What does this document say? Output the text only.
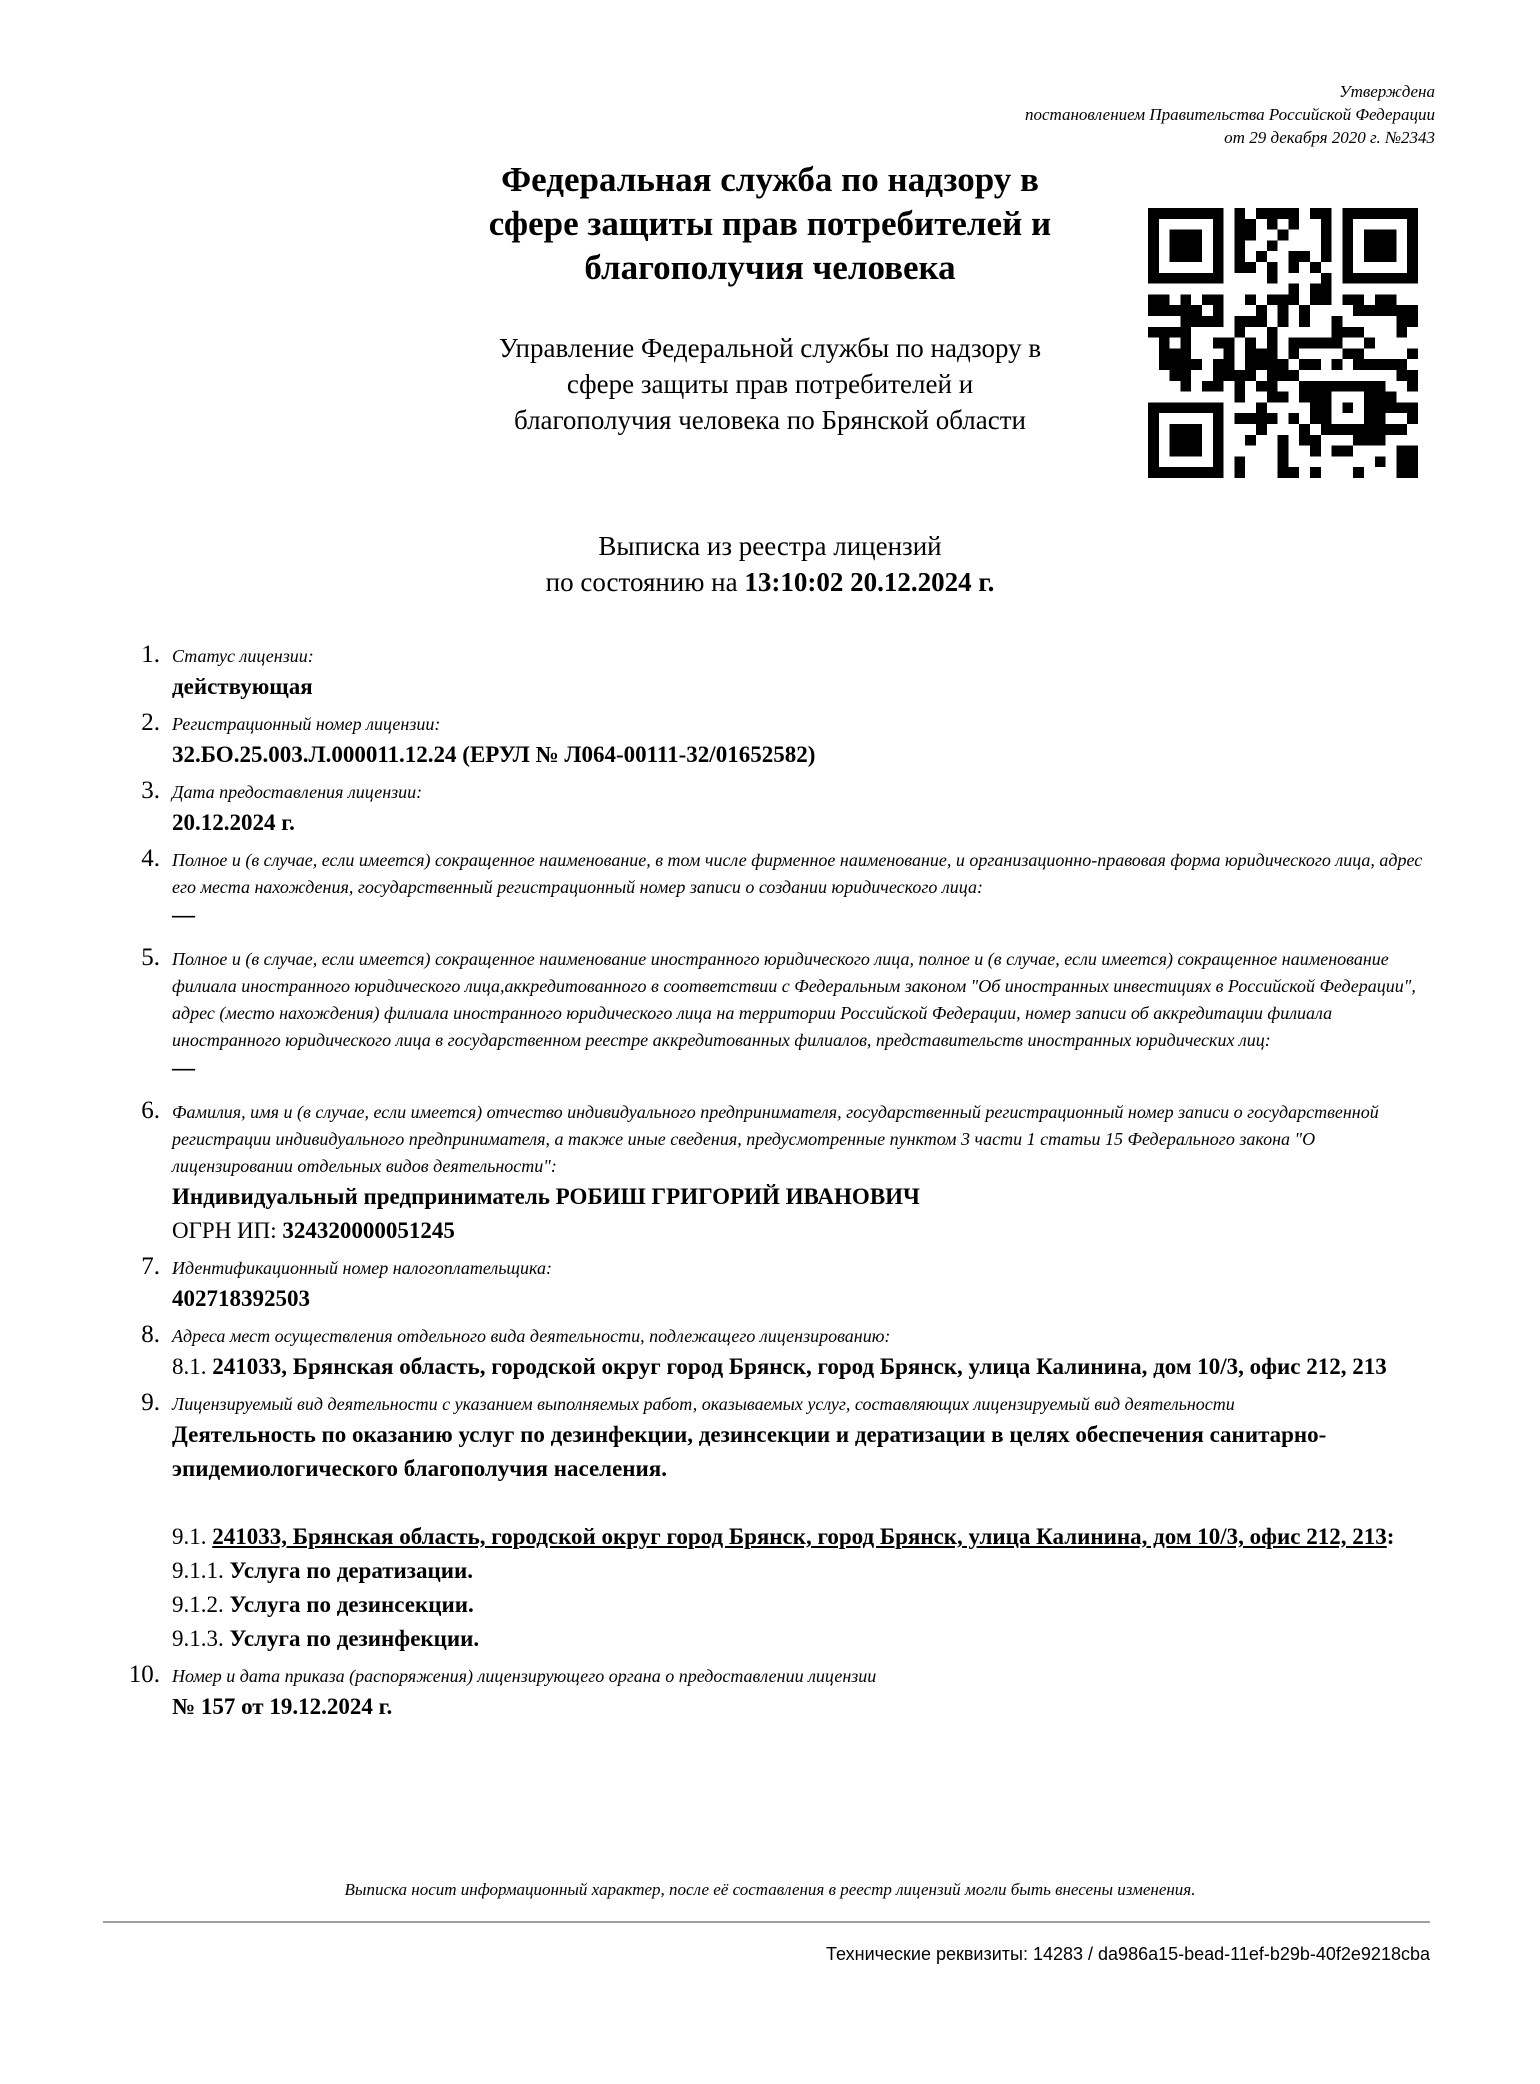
Утверждена
постановлением Правительства Российской Федерации
от 29 декабря 2020 г. №2343
Федеральная служба по надзору в
сфере защиты прав потребителей и
благополучия человека
Управление Федеральной службы по надзору в
сфере защиты прав потребителей и
благополучия человека по Брянской области
Выписка из реестра лицензий
по состоянию на 13:10:02 20.12.2024 г.
1. Статус лицензии:
действующая
2. Регистрационный номер лицензии:
32.БО.25.003.Л.000011.12.24 (ЕРУЛ № Л064-00111-32/01652582)
3. Дата предоставления лицензии:
20.12.2024 г.
4. Полное и (в случае, если имеется) сокращенное наименование, в том числе фирменное наименование, и организационно-правовая форма юридического лица, адрес его места нахождения, государственный регистрационный номер записи о создании юридического лица:
—
5. Полное и (в случае, если имеется) сокращенное наименование иностранного юридического лица, полное и (в случае, если имеется) сокращенное наименование филиала иностранного юридического лица,аккредитованного в соответствии с Федеральным законом "Об иностранных инвестициях в Российской Федерации", адрес (место нахождения) филиала иностранного юридического лица на территории Российской Федерации, номер записи об аккредитации филиала иностранного юридического лица в государственном реестре аккредитованных филиалов, представительств иностранных юридических лиц:
—
6. Фамилия, имя и (в случае, если имеется) отчество индивидуального предпринимателя, государственный регистрационный номер записи о государственной регистрации индивидуального предпринимателя, а также иные сведения, предусмотренные пунктом 3 части 1 статьи 15 Федерального закона "О лицензировании отдельных видов деятельности":
Индивидуальный предприниматель РОБИШ ГРИГОРИЙ ИВАНОВИЧ
ОГРН ИП: 324320000051245
7. Идентификационный номер налогоплательщика:
402718392503
8. Адреса мест осуществления отдельного вида деятельности, подлежащего лицензированию:
8.1. 241033, Брянская область, городской округ город Брянск, город Брянск, улица Калинина, дом 10/3, офис 212, 213
9. Лицензируемый вид деятельности с указанием выполняемых работ, оказываемых услуг, составляющих лицензируемый вид деятельности
Деятельность по оказанию услуг по дезинфекции, дезинсекции и дератизации в целях обеспечения санитарно-эпидемиологического благополучия населения.
9.1. 241033, Брянская область, городской округ город Брянск, город Брянск, улица Калинина, дом 10/3, офис 212, 213:
9.1.1. Услуга по дератизации.
9.1.2. Услуга по дезинсекции.
9.1.3. Услуга по дезинфекции.
10. Номер и дата приказа (распоряжения) лицензирующего органа о предоставлении лицензии
№ 157 от 19.12.2024 г.
Выписка носит информационный характер, после её составления в реестр лицензий могли быть внесены изменения.
Технические реквизиты: 14283 / da986a15-bead-11ef-b29b-40f2e9218cba
